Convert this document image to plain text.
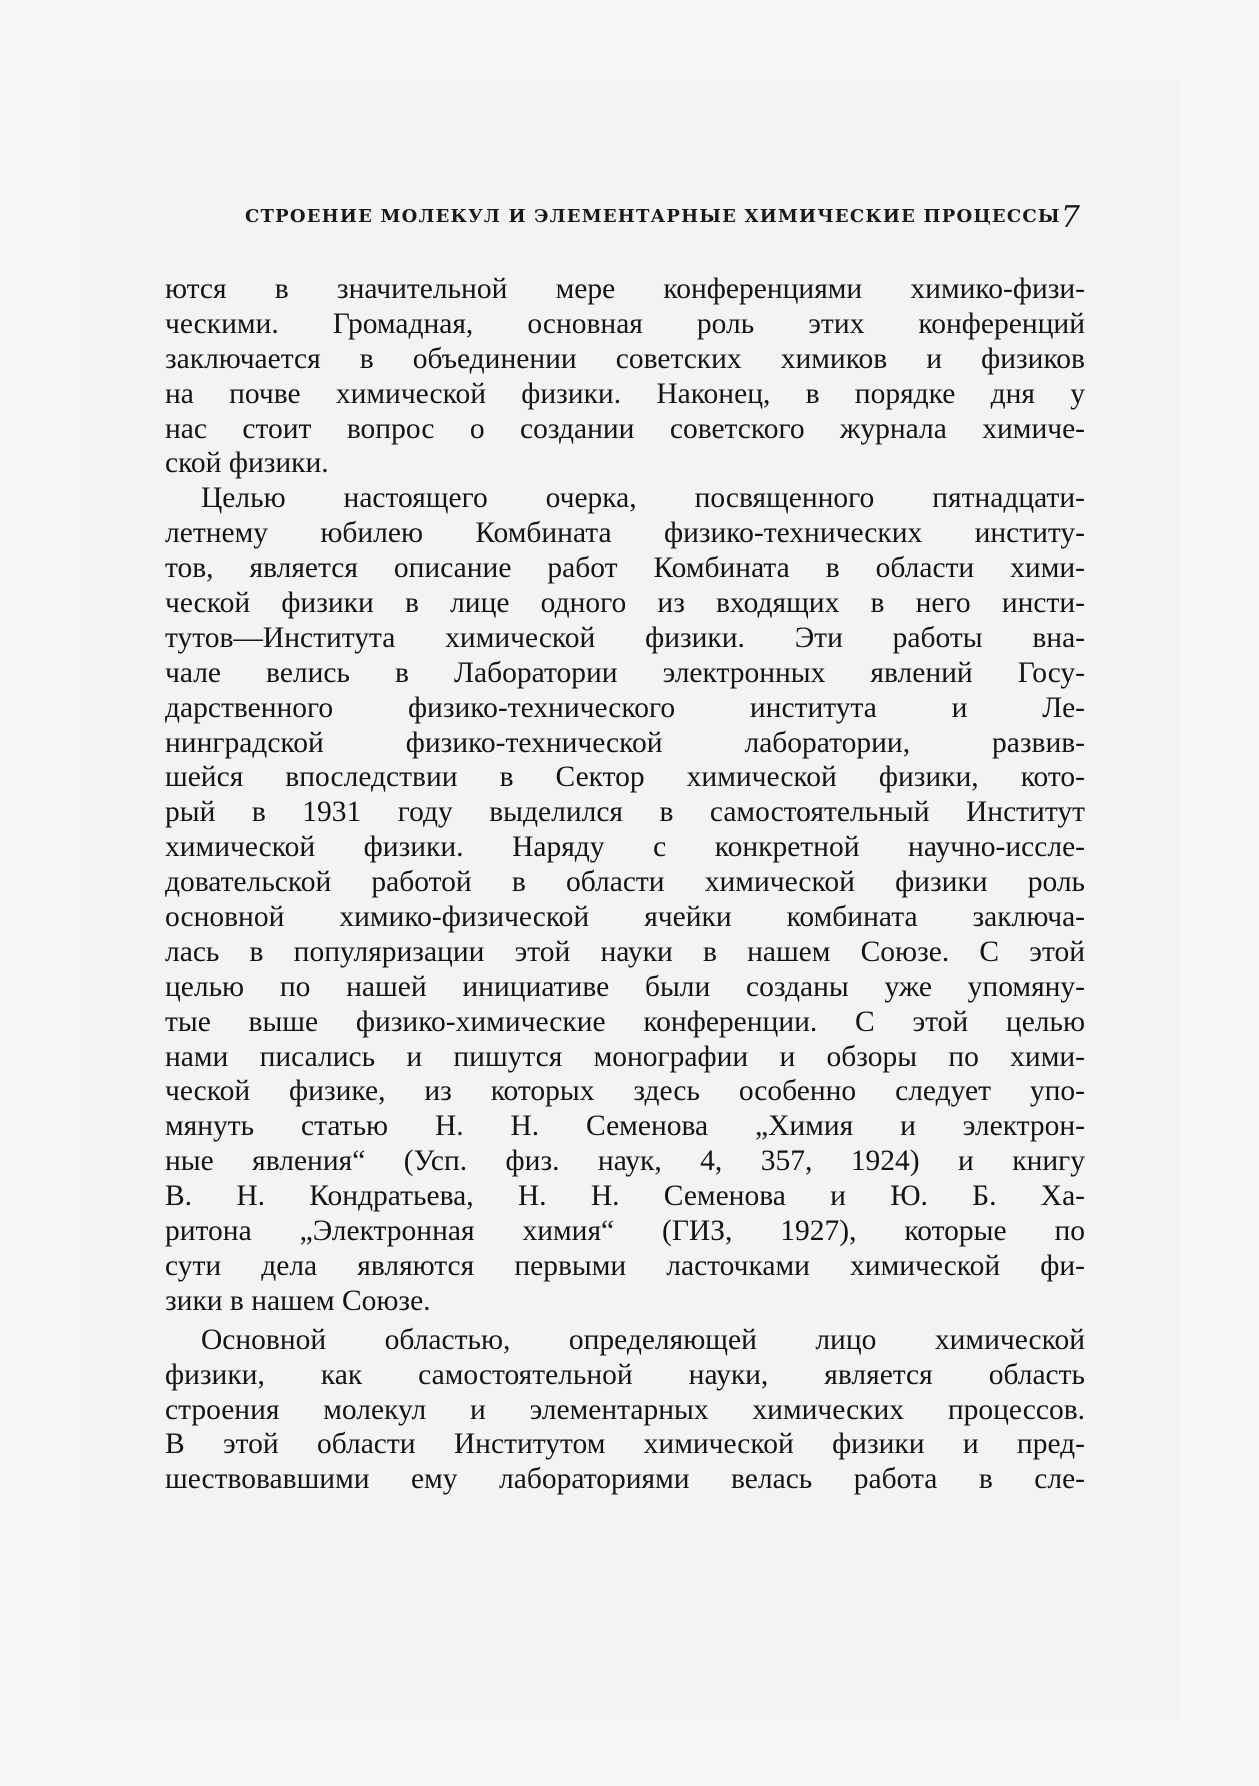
СТРОЕНИЕ МОЛЕКУЛ И ЭЛЕМЕНТАРНЫЕ ХИМИЧЕСКИЕ ПРОЦЕССЫ 7
ются в значительной мере конференциями химико-физи-
ческими. Громадная, основная роль этих конференций
заключается в объединении советских химиков и физиков
на почве химической физики. Наконец, в порядке дня у
нас стоит вопрос о создании советского журнала химиче-
ской физики.
Целью настоящего очерка, посвященного пятнадцати-
летнему юбилею Комбината физико-технических институ-
тов, является описание работ Комбината в области хими-
ческой физики в лице одного из входящих в него инсти-
тутов—Института химической физики. Эти работы вна-
чале велись в Лаборатории электронных явлений Госу-
дарственного физико-технического института и Ле-
нинградской физико-технической лаборатории, развив-
шейся впоследствии в Сектор химической физики, кото-
рый в 1931 году выделился в самостоятельный Институт
химической физики. Наряду с конкретной научно-иссле-
довательской работой в области химической физики роль
основной химико-физической ячейки комбината заключа-
лась в популяризации этой науки в нашем Союзе. С этой
целью по нашей инициативе были созданы уже упомяну-
тые выше физико-химические конференции. С этой целью
нами писались и пишутся монографии и обзоры по хими-
ческой физике, из которых здесь особенно следует упо-
мянуть статью Н. Н. Семенова „Химия и электрон-
ные явления“ (Усп. физ. наук, 4, 357, 1924) и книгу
В. Н. Кондратьева, Н. Н. Семенова и Ю. Б. Ха-
ритона „Электронная химия“ (ГИЗ, 1927), которые по
сути дела являются первыми ласточками химической фи-
зики в нашем Союзе.
Основной областью, определяющей лицо химической
физики, как самостоятельной науки, является область
строения молекул и элементарных химических процессов.
В этой области Институтом химической физики и пред-
шествовавшими ему лабораториями велась работа в сле-
